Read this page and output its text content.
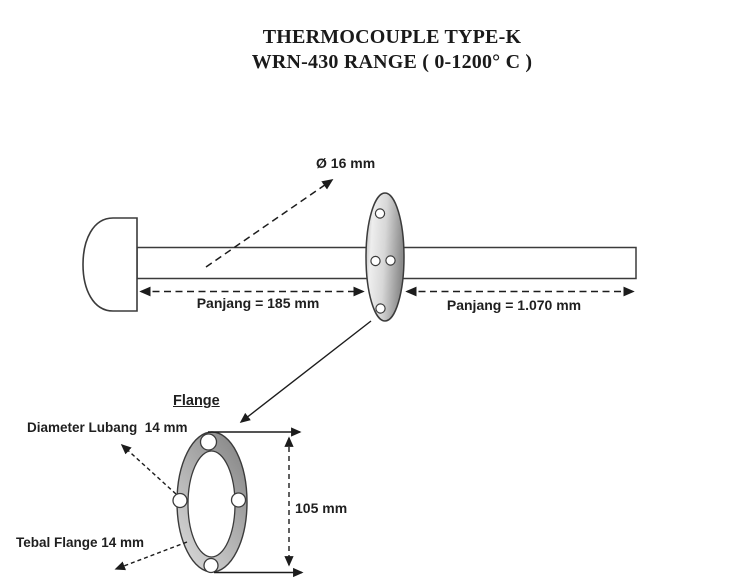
THERMOCOUPLE TYPE-K
WRN-430 RANGE ( 0-1200° C )
Ø 16 mm
Panjang = 185 mm	Panjang = 1.070 mm
Flange
Diameter Lubang  14 mm
Tebal Flange 14 mm
105 mm
